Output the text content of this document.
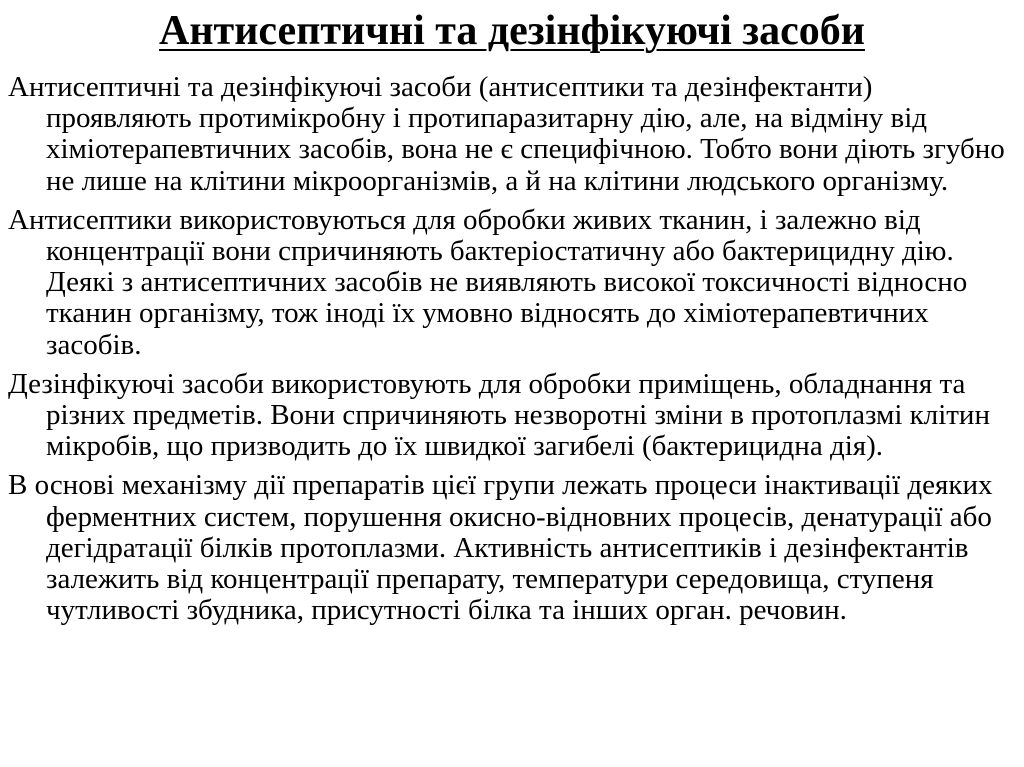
Антисептичні та дезінфікуючі засоби

Антисептичні та дезінфікуючі засоби (антисептики та дезінфектанти) проявляють протимікробну і протипаразитарну дію, але, на відміну від хіміотерапевтичних засобів, вона не є специфічною. Тобто вони діють згубно не лише на клітини мікроорганізмів, а й на клітини людського організму.

Антисептики використовуються для обробки живих тканин, і залежно від концентрації вони спричиняють бактеріостатичну або бактерицидну дію. Деякі з антисептичних засобів не виявляють високої токсичності відносно тканин організму, тож іноді їх умовно відносять до хіміотерапевтичних засобів.

Дезінфікуючі засоби використовують для обробки приміщень, обладнання та різних предметів. Вони спричиняють незворотні зміни в протоплазмі клітин мікробів, що призводить до їх швидкої загибелі (бактерицидна дія).

В основі механізму дії препаратів цієї групи лежать процеси інактивації деяких ферментних систем, порушення окисно-відновних процесів, денатурації або дегідратації білків протоплазми. Активність антисептиків і дезінфектантів залежить від концентрації препарату, температури середовища, ступеня чутливості збудника, присутності білка та інших орган. речовин.
